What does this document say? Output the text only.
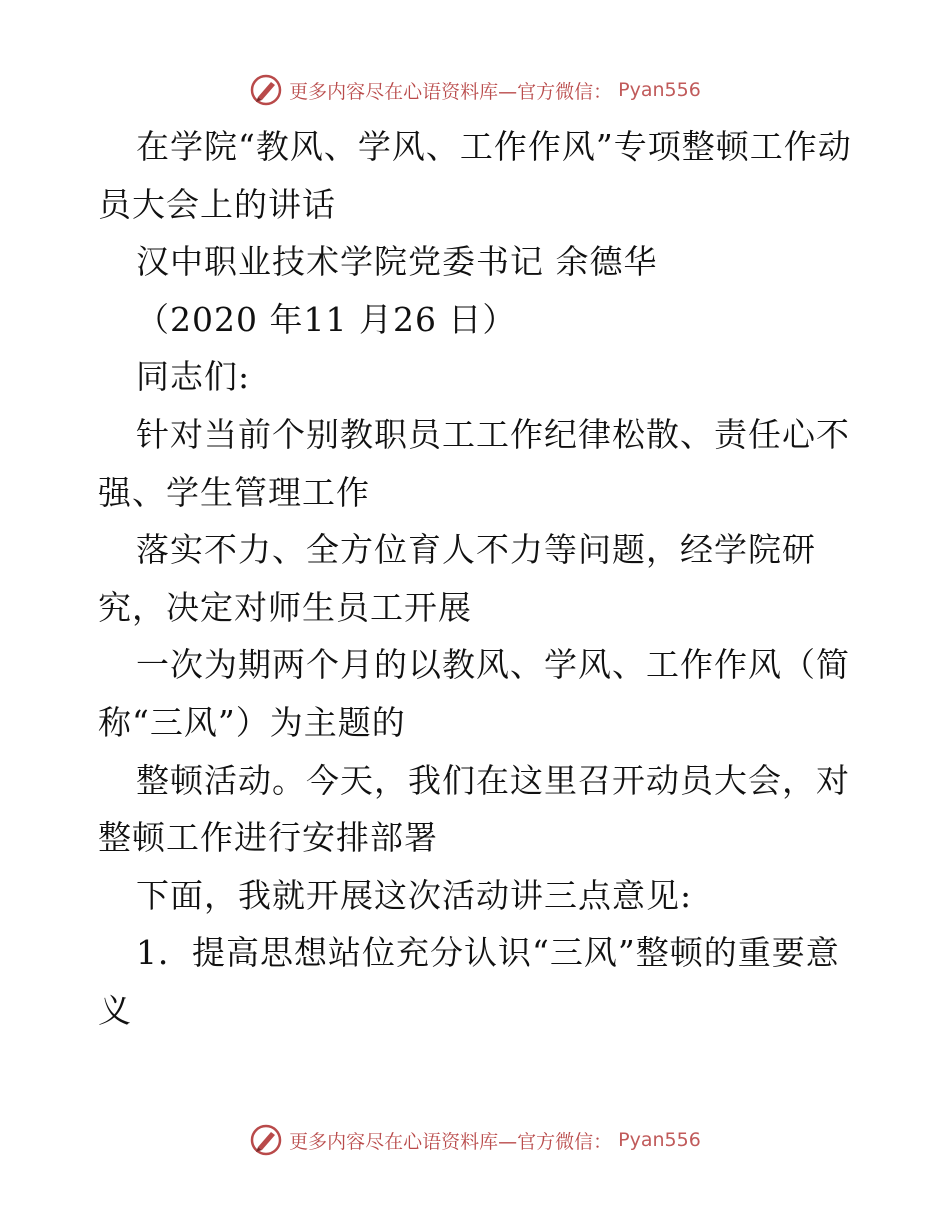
更多内容尽在心语资料库—官方微信： Pyan556

在学院“教风、学风、工作作风”专项整顿工作动员大会上的讲话

汉中职业技术学院党委书记 余德华

（2020 年11 月26 日）

同志们:

针对当前个别教职员工工作纪律松散、责任心不强、学生管理工作

落实不力、全方位育人不力等问题，经学院研究，决定对师生员工开展

一次为期两个月的以教风、学风、工作作风（简称“三风”）为主题的

整顿活动。今天，我们在这里召开动员大会，对整顿工作进行安排部署

下面，我就开展这次活动讲三点意见:

1．提高思想站位充分认识“三风”整顿的重要意义

更多内容尽在心语资料库—官方微信： Pyan556
